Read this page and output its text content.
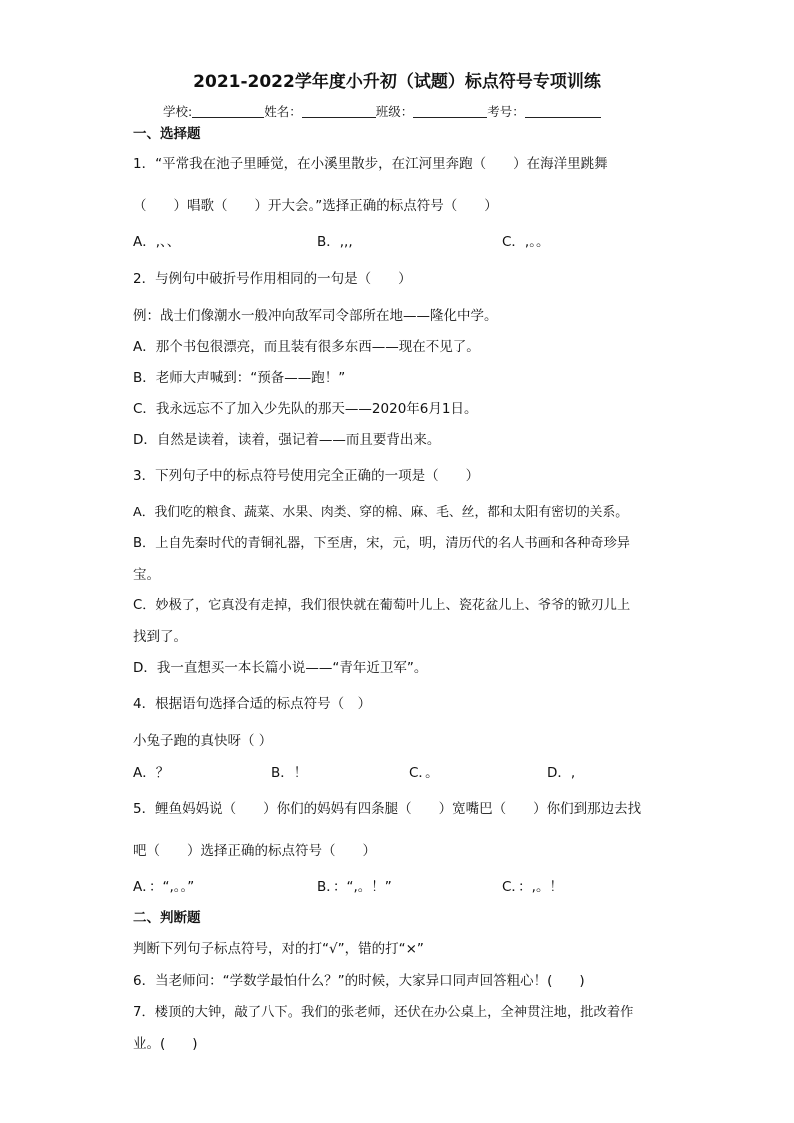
2021-2022学年度小升初（试题）标点符号专项训练
学校:	姓名：	班级：	考号：
一、选择题
1．“平常我在池子里睡觉，在小溪里散步，在江河里奔跑（　　）在海洋里跳舞
（　　）唱歌（　　）开大会。”选择正确的标点符号（　　）
A．,、、	B．,,,	C．,。。
2．与例句中破折号作用相同的一句是（　　）
例：战士们像潮水一般冲向敌军司令部所在地——隆化中学。
A．那个书包很漂亮，而且装有很多东西——现在不见了。
B．老师大声喊到：“预备——跑！”
C．我永远忘不了加入少先队的那天——2020年6月1日。
D．自然是读着，读着，强记着——而且要背出来。
3．下列句子中的标点符号使用完全正确的一项是（　　）
A．我们吃的粮食、蔬菜、水果、肉类、穿的棉、麻、毛、丝，都和太阳有密切的关系。
B．上自先秦时代的青铜礼器，下至唐，宋，元，明，清历代的名人书画和各种奇珍异
宝。
C．妙极了，它真没有走掉，我们很快就在葡萄叶儿上、瓷花盆儿上、爷爷的锨刃儿上
找到了。
D．我一直想买一本长篇小说——“青年近卫军”。
4．根据语句选择合适的标点符号（　）
小兔子跑的真快呀（ ）
A．？	B．！	C．。	D．,
5．鲤鱼妈妈说（　　）你们的妈妈有四条腿（　　）宽嘴巴（　　）你们到那边去找
吧（　　）选择正确的标点符号（　　）
A．：“,。。”	B．：“,。！”	C．：,。！
二、判断题
判断下列句子标点符号，对的打“√”，错的打“×”
6．当老师问：“学数学最怕什么？”的时候，大家异口同声回答粗心！(　　)
7．楼顶的大钟，敲了八下。我们的张老师，还伏在办公桌上，全神贯注地，批改着作
业。(　　)
